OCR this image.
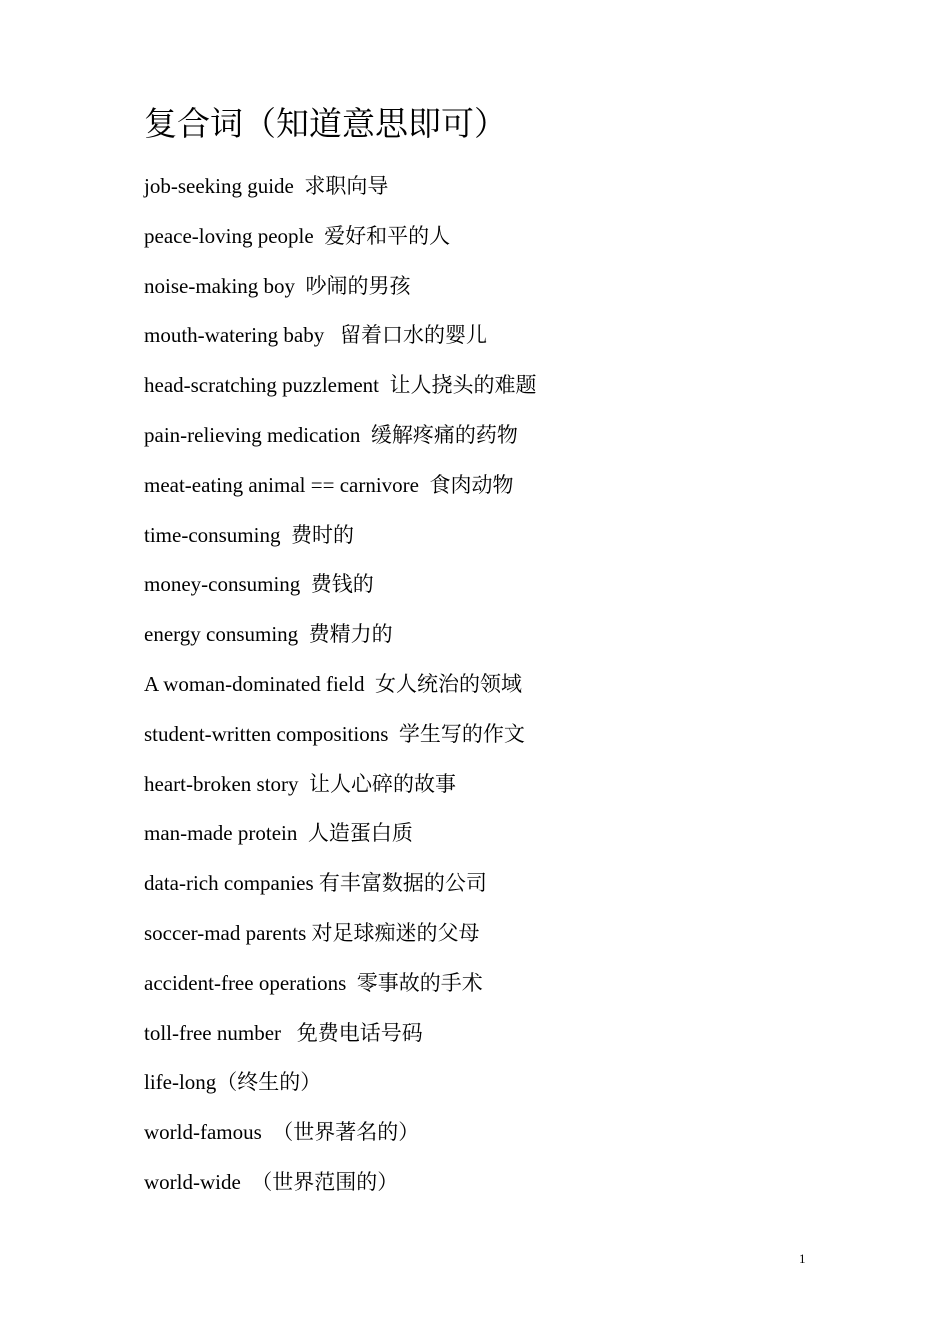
复合词（知道意思即可）
job-seeking guide  求职向导
peace-loving people  爱好和平的人
noise-making boy  吵闹的男孩
mouth-watering baby   留着口水的婴儿
head-scratching puzzlement  让人挠头的难题
pain-relieving medication  缓解疼痛的药物
meat-eating animal == carnivore  食肉动物
time-consuming  费时的
money-consuming  费钱的
energy consuming  费精力的
A woman-dominated field  女人统治的领域
student-written compositions  学生写的作文
heart-broken story  让人心碎的故事
man-made protein  人造蛋白质
data-rich companies 有丰富数据的公司
soccer-mad parents 对足球痴迷的父母
accident-free operations  零事故的手术
toll-free number   免费电话号码
life-long（终生的）
world-famous  （世界著名的）
world-wide  （世界范围的）
1
